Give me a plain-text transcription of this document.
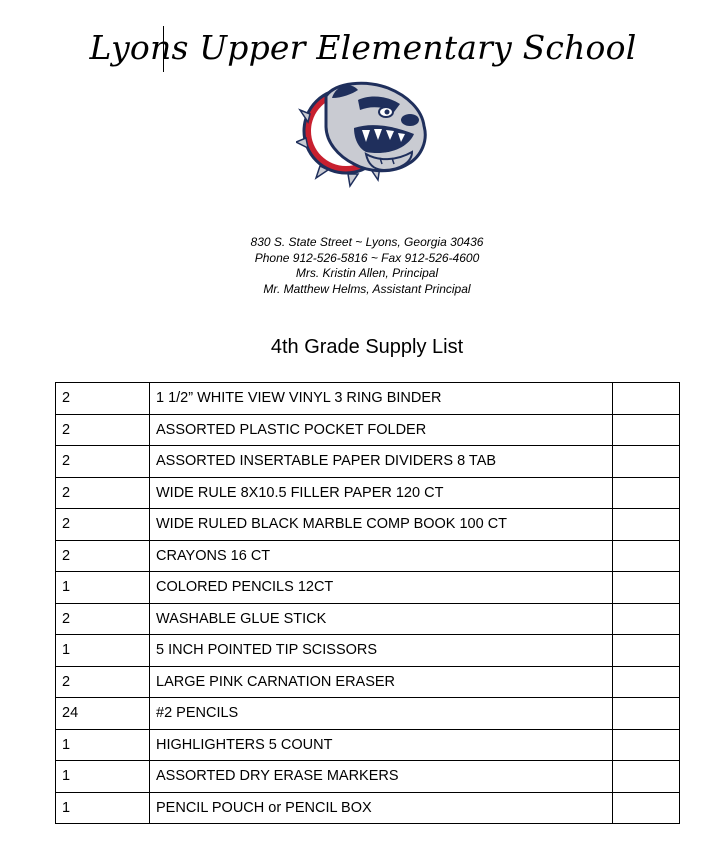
Lyons Upper Elementary School
830 S. State Street ~ Lyons, Georgia 30436
Phone 912-526-5816 ~ Fax 912-526-4600
Mrs. Kristin Allen, Principal
Mr. Matthew Helms, Assistant Principal
4th Grade Supply List
2	1 1/2” WHITE VIEW VINYL 3 RING BINDER	
2	ASSORTED PLASTIC POCKET FOLDER	
2	ASSORTED INSERTABLE PAPER DIVIDERS 8 TAB	
2	WIDE RULE 8X10.5 FILLER PAPER 120 CT	
2	WIDE RULED BLACK MARBLE COMP BOOK 100 CT	
2	CRAYONS 16 CT	
1	COLORED PENCILS 12CT	
2	WASHABLE GLUE STICK	
1	5 INCH POINTED TIP SCISSORS	
2	LARGE PINK CARNATION ERASER	
24	#2 PENCILS	
1	HIGHLIGHTERS 5 COUNT	
1	ASSORTED DRY ERASE MARKERS	
1	PENCIL POUCH or PENCIL BOX	
